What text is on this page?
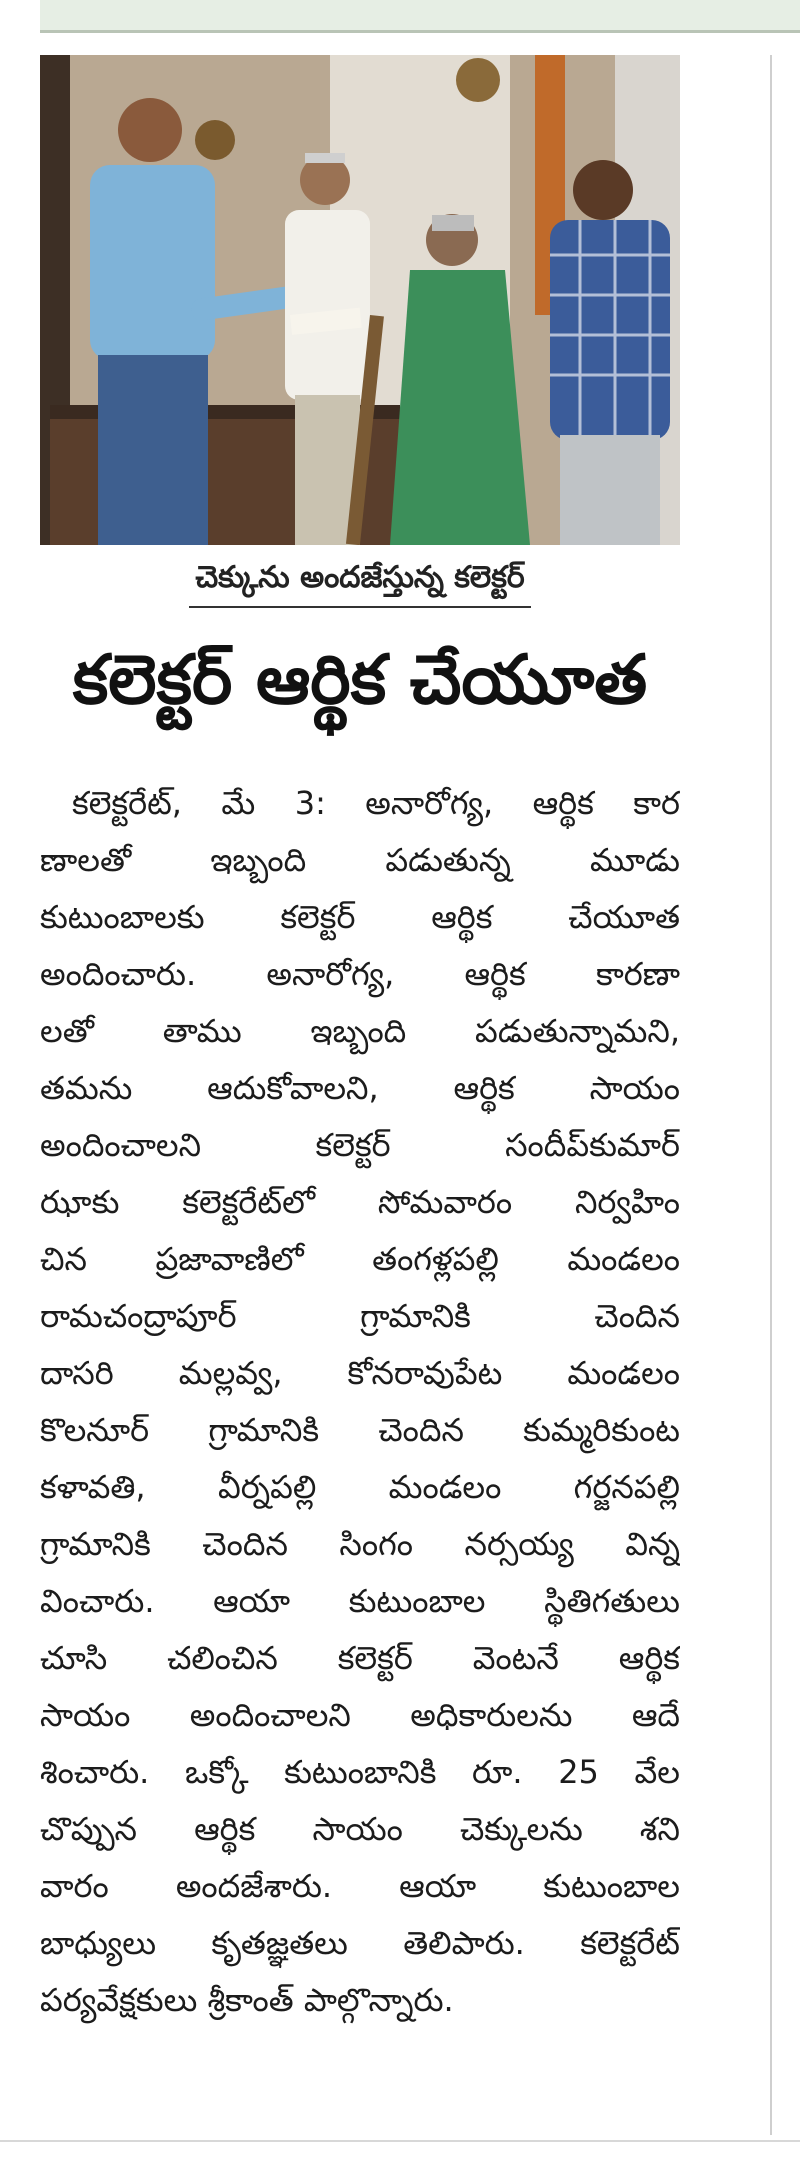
చెక్కును అందజేస్తున్న కలెక్టర్
కలెక్టర్ ఆర్థిక చేయూత
కలెక్టరేట్, మే 3: అనారోగ్య, ఆర్థిక కార
ణాలతో ఇబ్బంది పడుతున్న మూడు
కుటుంబాలకు కలెక్టర్ ఆర్థిక చేయూత
అందించారు. అనారోగ్య, ఆర్థిక కారణా
లతో తాము ఇబ్బంది పడుతున్నామని,
తమను ఆదుకోవాలని, ఆర్థిక సాయం
అందించాలని కలెక్టర్ సందీప్‌కుమార్
ఝాకు కలెక్టరేట్‌లో సోమవారం నిర్వహిం
చిన ప్రజావాణిలో తంగళ్లపల్లి మండలం
రామచంద్రాపూర్ గ్రామానికి చెందిన
దాసరి మల్లవ్వ, కోనరావుపేట మండలం
కొలనూర్ గ్రామానికి చెందిన కుమ్మరికుంట
కళావతి, వీర్నపల్లి మండలం గర్జనపల్లి
గ్రామానికి చెందిన సింగం నర్సయ్య విన్న
వించారు. ఆయా కుటుంబాల స్థితిగతులు
చూసి చలించిన కలెక్టర్ వెంటనే ఆర్థిక
సాయం అందించాలని అధికారులను ఆదే
శించారు. ఒక్కో కుటుంబానికి రూ. 25 వేల
చొప్పున ఆర్థిక సాయం చెక్కులను శని
వారం అందజేశారు. ఆయా కుటుంబాల
బాధ్యులు కృతజ్ఞతలు తెలిపారు. కలెక్టరేట్
పర్యవేక్షకులు శ్రీకాంత్ పాల్గొన్నారు.
